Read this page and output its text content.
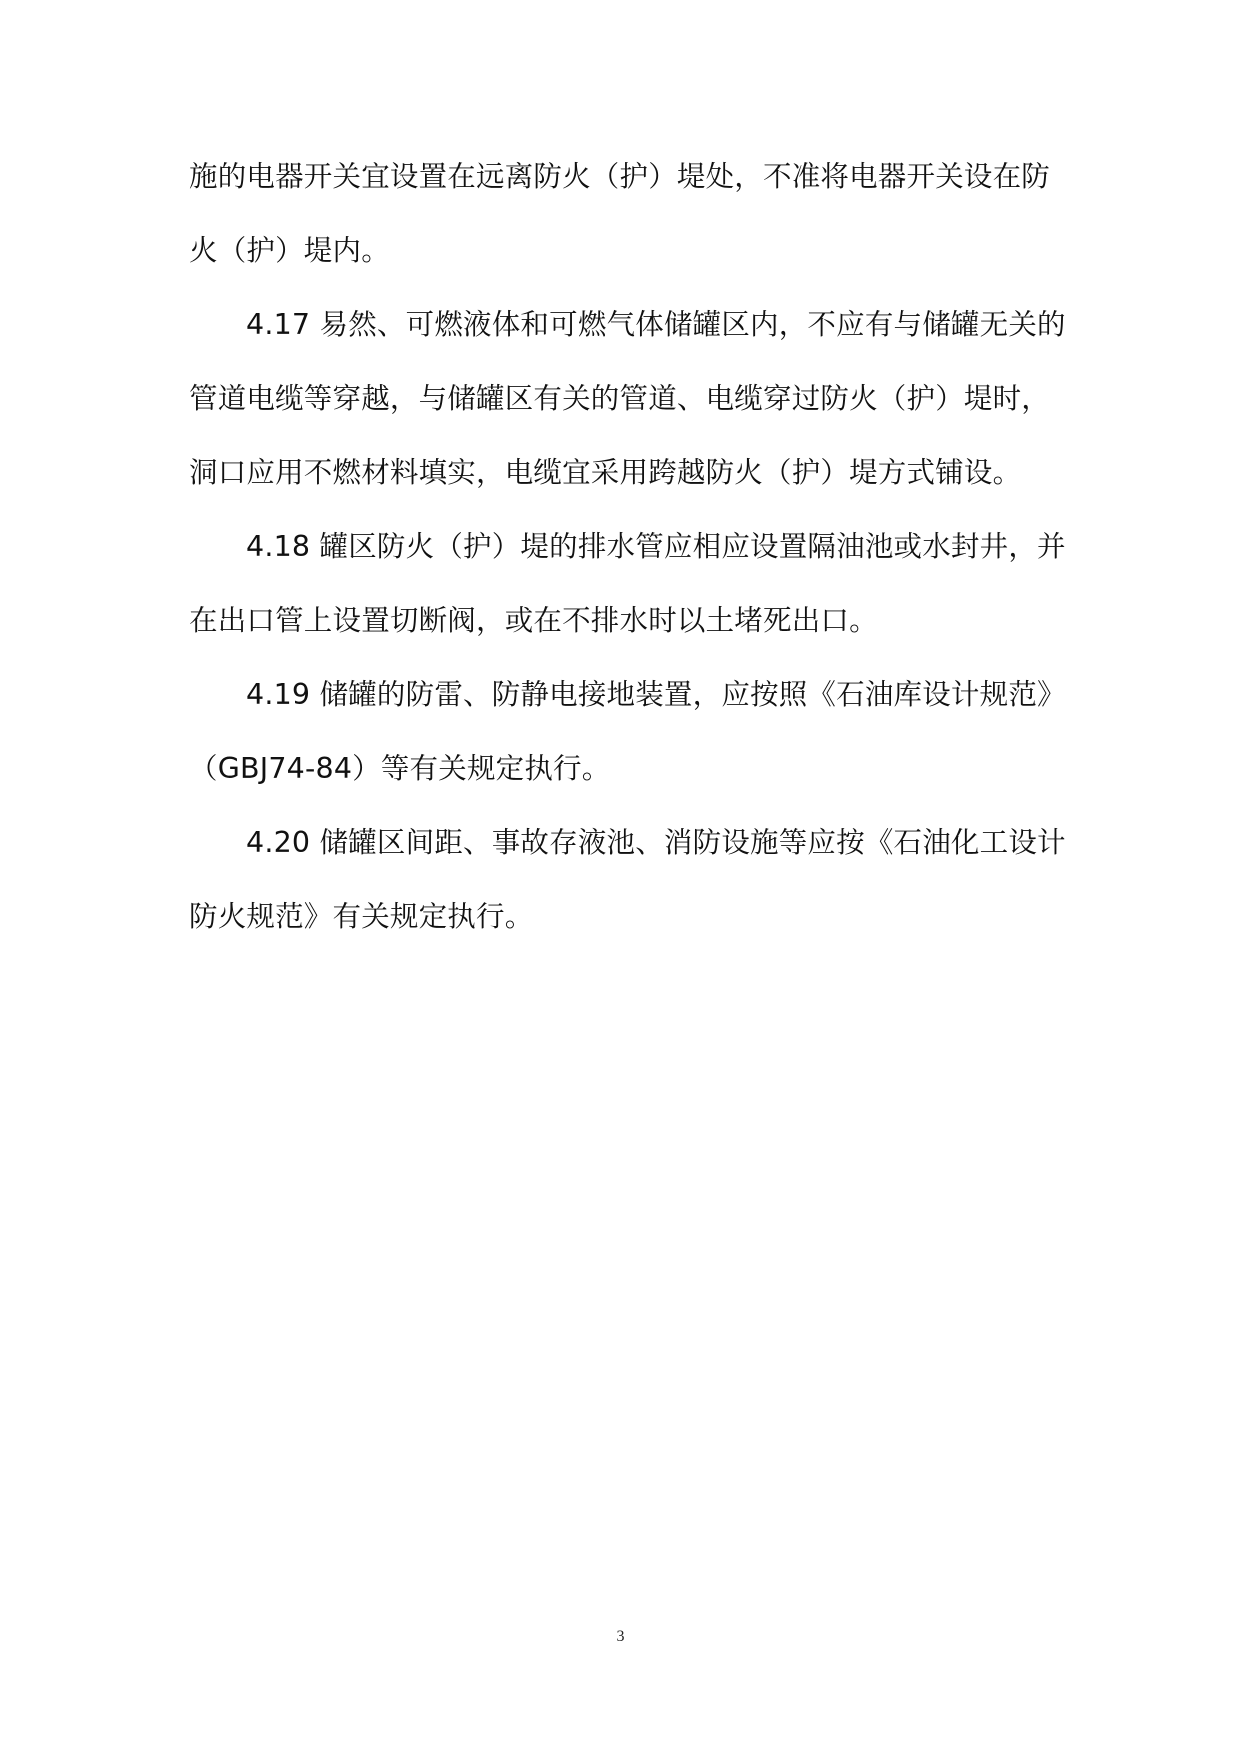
施的电器开关宜设置在远离防火（护）堤处，不准将电器开关设在防
火（护）堤内。
4.17 易然、可燃液体和可燃气体储罐区内，不应有与储罐无关的
管道电缆等穿越，与储罐区有关的管道、电缆穿过防火（护）堤时，
洞口应用不燃材料填实，电缆宜采用跨越防火（护）堤方式铺设。
4.18 罐区防火（护）堤的排水管应相应设置隔油池或水封井，并
在出口管上设置切断阀，或在不排水时以土堵死出口。
4.19 储罐的防雷、防静电接地装置，应按照《石油库设计规范》
（GBJ74-84）等有关规定执行。
4.20 储罐区间距、事故存液池、消防设施等应按《石油化工设计
防火规范》有关规定执行。
3
